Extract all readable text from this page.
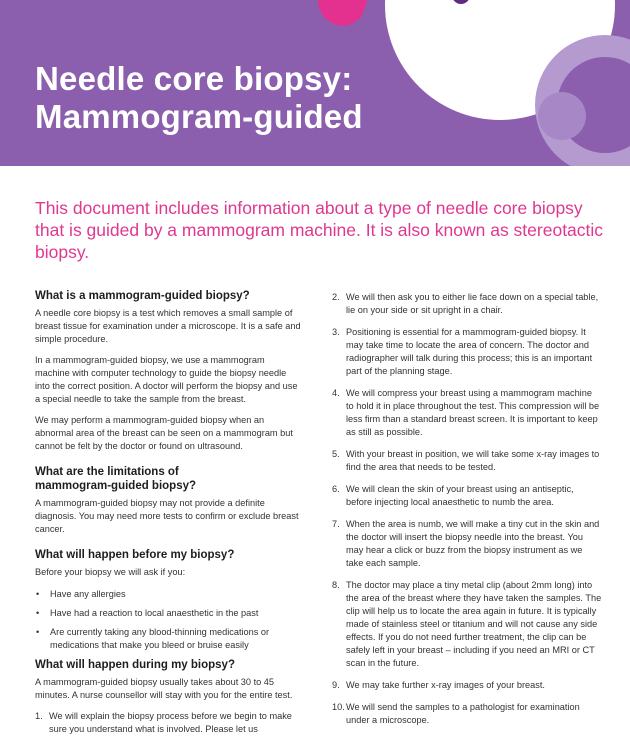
Needle core biopsy:
Mammogram-guided

This document includes information about a type of needle core biopsy that is guided by a mammogram machine. It is also known as stereotactic biopsy.

What is a mammogram-guided biopsy?

A needle core biopsy is a test which removes a small sample of breast tissue for examination under a microscope. It is a safe and simple procedure.

In a mammogram-guided biopsy, we use a mammogram machine with computer technology to guide the biopsy needle into the correct position. A doctor will perform the biopsy and use a special needle to take the sample from the breast.

We may perform a mammogram-guided biopsy when an abnormal area of the breast can be seen on a mammogram but cannot be felt by the doctor or found on ultrasound.

What are the limitations of
mammogram-guided biopsy?

A mammogram-guided biopsy may not provide a definite diagnosis. You may need more tests to confirm or exclude breast cancer.

What will happen before my biopsy?

Before your biopsy we will ask if you:

• Have any allergies
• Have had a reaction to local anaesthetic in the past
• Are currently taking any blood-thinning medications or medications that make you bleed or bruise easily
What will happen during my biopsy?

A mammogram-guided biopsy usually takes about 30 to 45 minutes. A nurse counsellor will stay with you for the entire test.

1. We will explain the biopsy process before we begin to make sure you understand what is involved. Please let us
2. We will then ask you to either lie face down on a special table, lie on your side or sit upright in a chair.
3. Positioning is essential for a mammogram-guided biopsy. It may take time to locate the area of concern. The doctor and radiographer will talk during this process; this is an important part of the planning stage.
4. We will compress your breast using a mammogram machine to hold it in place throughout the test. This compression will be less firm than a standard breast screen. It is important to keep as still as possible.
5. With your breast in position, we will take some x-ray images to find the area that needs to be tested.
6. We will clean the skin of your breast using an antiseptic, before injecting local anaesthetic to numb the area.
7. When the area is numb, we will make a tiny cut in the skin and the doctor will insert the biopsy needle into the breast. You may hear a click or buzz from the biopsy instrument as we take each sample.
8. The doctor may place a tiny metal clip (about 2mm long) into the area of the breast where they have taken the samples. The clip will help us to locate the area again in future. It is typically made of stainless steel or titanium and will not cause any side effects. If you do not need further treatment, the clip can be safely left in your breast – including if you need an MRI or CT scan in the future.
9. We may take further x-ray images of your breast.
10. We will send the samples to a pathologist for examination under a microscope.
